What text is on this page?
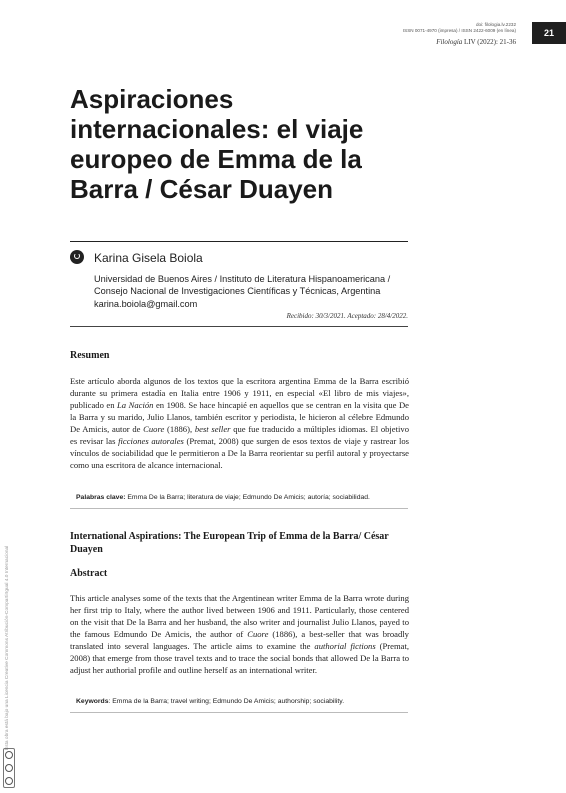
doi: filologia.lv.2232
ISSN 0071-4970 (impresa) / ISSN 2422-6009 (en línea)
Filología LIV (2022): 21-36
21
Aspiraciones internacionales: el viaje europeo de Emma de la Barra / César Duayen
Karina Gisela Boiola
Universidad de Buenos Aires / Instituto de Literatura Hispanoamericana /
Consejo Nacional de Investigaciones Científicas y Técnicas, Argentina
karina.boiola@gmail.com
Recibido: 30/3/2021. Aceptado: 28/4/2022.
Resumen
Este artículo aborda algunos de los textos que la escritora argentina Emma de la Barra escribió durante su primera estadía en Italia entre 1906 y 1911, en especial «El libro de mis viajes», publicado en La Nación en 1908. Se hace hincapié en aquellos que se centran en la visita que De la Barra y su marido, Julio Llanos, también escritor y periodista, le hicieron al célebre Edmundo De Amicis, autor de Cuore (1886), best seller que fue traducido a múltiples idiomas. El objetivo es revisar las ficciones autorales (Premat, 2008) que surgen de esos textos de viaje y rastrear los vínculos de sociabilidad que le permitieron a De la Barra reorientar su perfil autoral y proyectarse como una escritora de alcance internacional.
Palabras clave: Emma De la Barra; literatura de viaje; Edmundo De Amicis; autoría; sociabilidad.
International Aspirations: The European Trip of Emma de la Barra/ César Duayen
Abstract
This article analyses some of the texts that the Argentinean writer Emma de la Barra wrote during her first trip to Italy, where the author lived between 1906 and 1911. Particularly, those centered on the visit that De la Barra and her husband, the also writer and journalist Julio Llanos, payed to the famous Edmundo De Amicis, the author of Cuore (1886), a best-seller that was broadly translated into several languages. The article aims to examine the authorial fictions (Premat, 2008) that emerge from those travel texts and to trace the social bonds that allowed De la Barra to adjust her authorial profile and outline herself as an international writer.
Keywords: Emma de la Barra; travel writing; Edmundo De Amicis; authorship; sociability.
Esta obra está bajo una Licencia Creative Commons Atribución-CompartirIgual 4.0 Internacional
